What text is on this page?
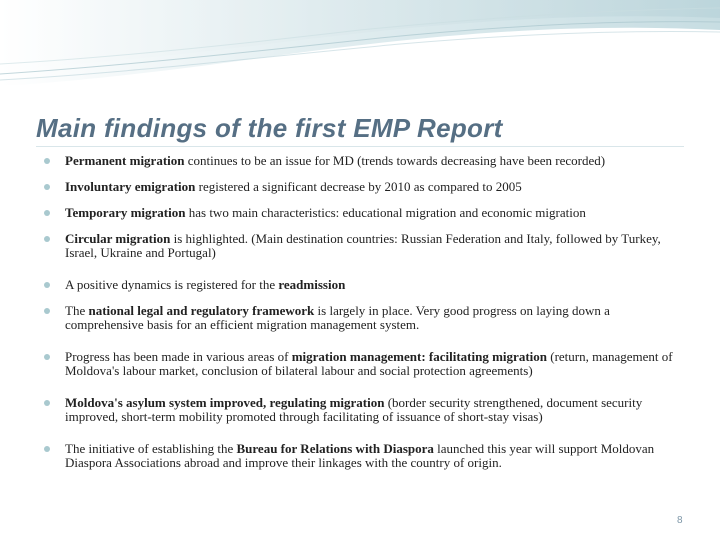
Main findings of the first EMP Report
Permanent migration continues to be an issue for MD (trends towards decreasing have been recorded)
Involuntary emigration registered a significant decrease by 2010 as compared to 2005
Temporary migration has two main characteristics: educational migration and economic migration
Circular migration is highlighted. (Main destination countries: Russian Federation and Italy, followed by Turkey, Israel, Ukraine and Portugal)
A positive dynamics is registered for the readmission
The national legal and regulatory framework is largely in place. Very good progress on laying down a comprehensive basis for an efficient migration management system.
Progress has been made in various areas of migration management: facilitating migration (return, management of Moldova's labour market, conclusion of bilateral labour and social protection agreements)
Moldova's asylum system improved, regulating migration (border security strengthened, document security improved, short-term mobility promoted through facilitating of issuance of short-stay visas)
The initiative of establishing the Bureau for Relations with Diaspora launched this year will support Moldovan Diaspora Associations abroad and improve their linkages with the country of origin.
8
